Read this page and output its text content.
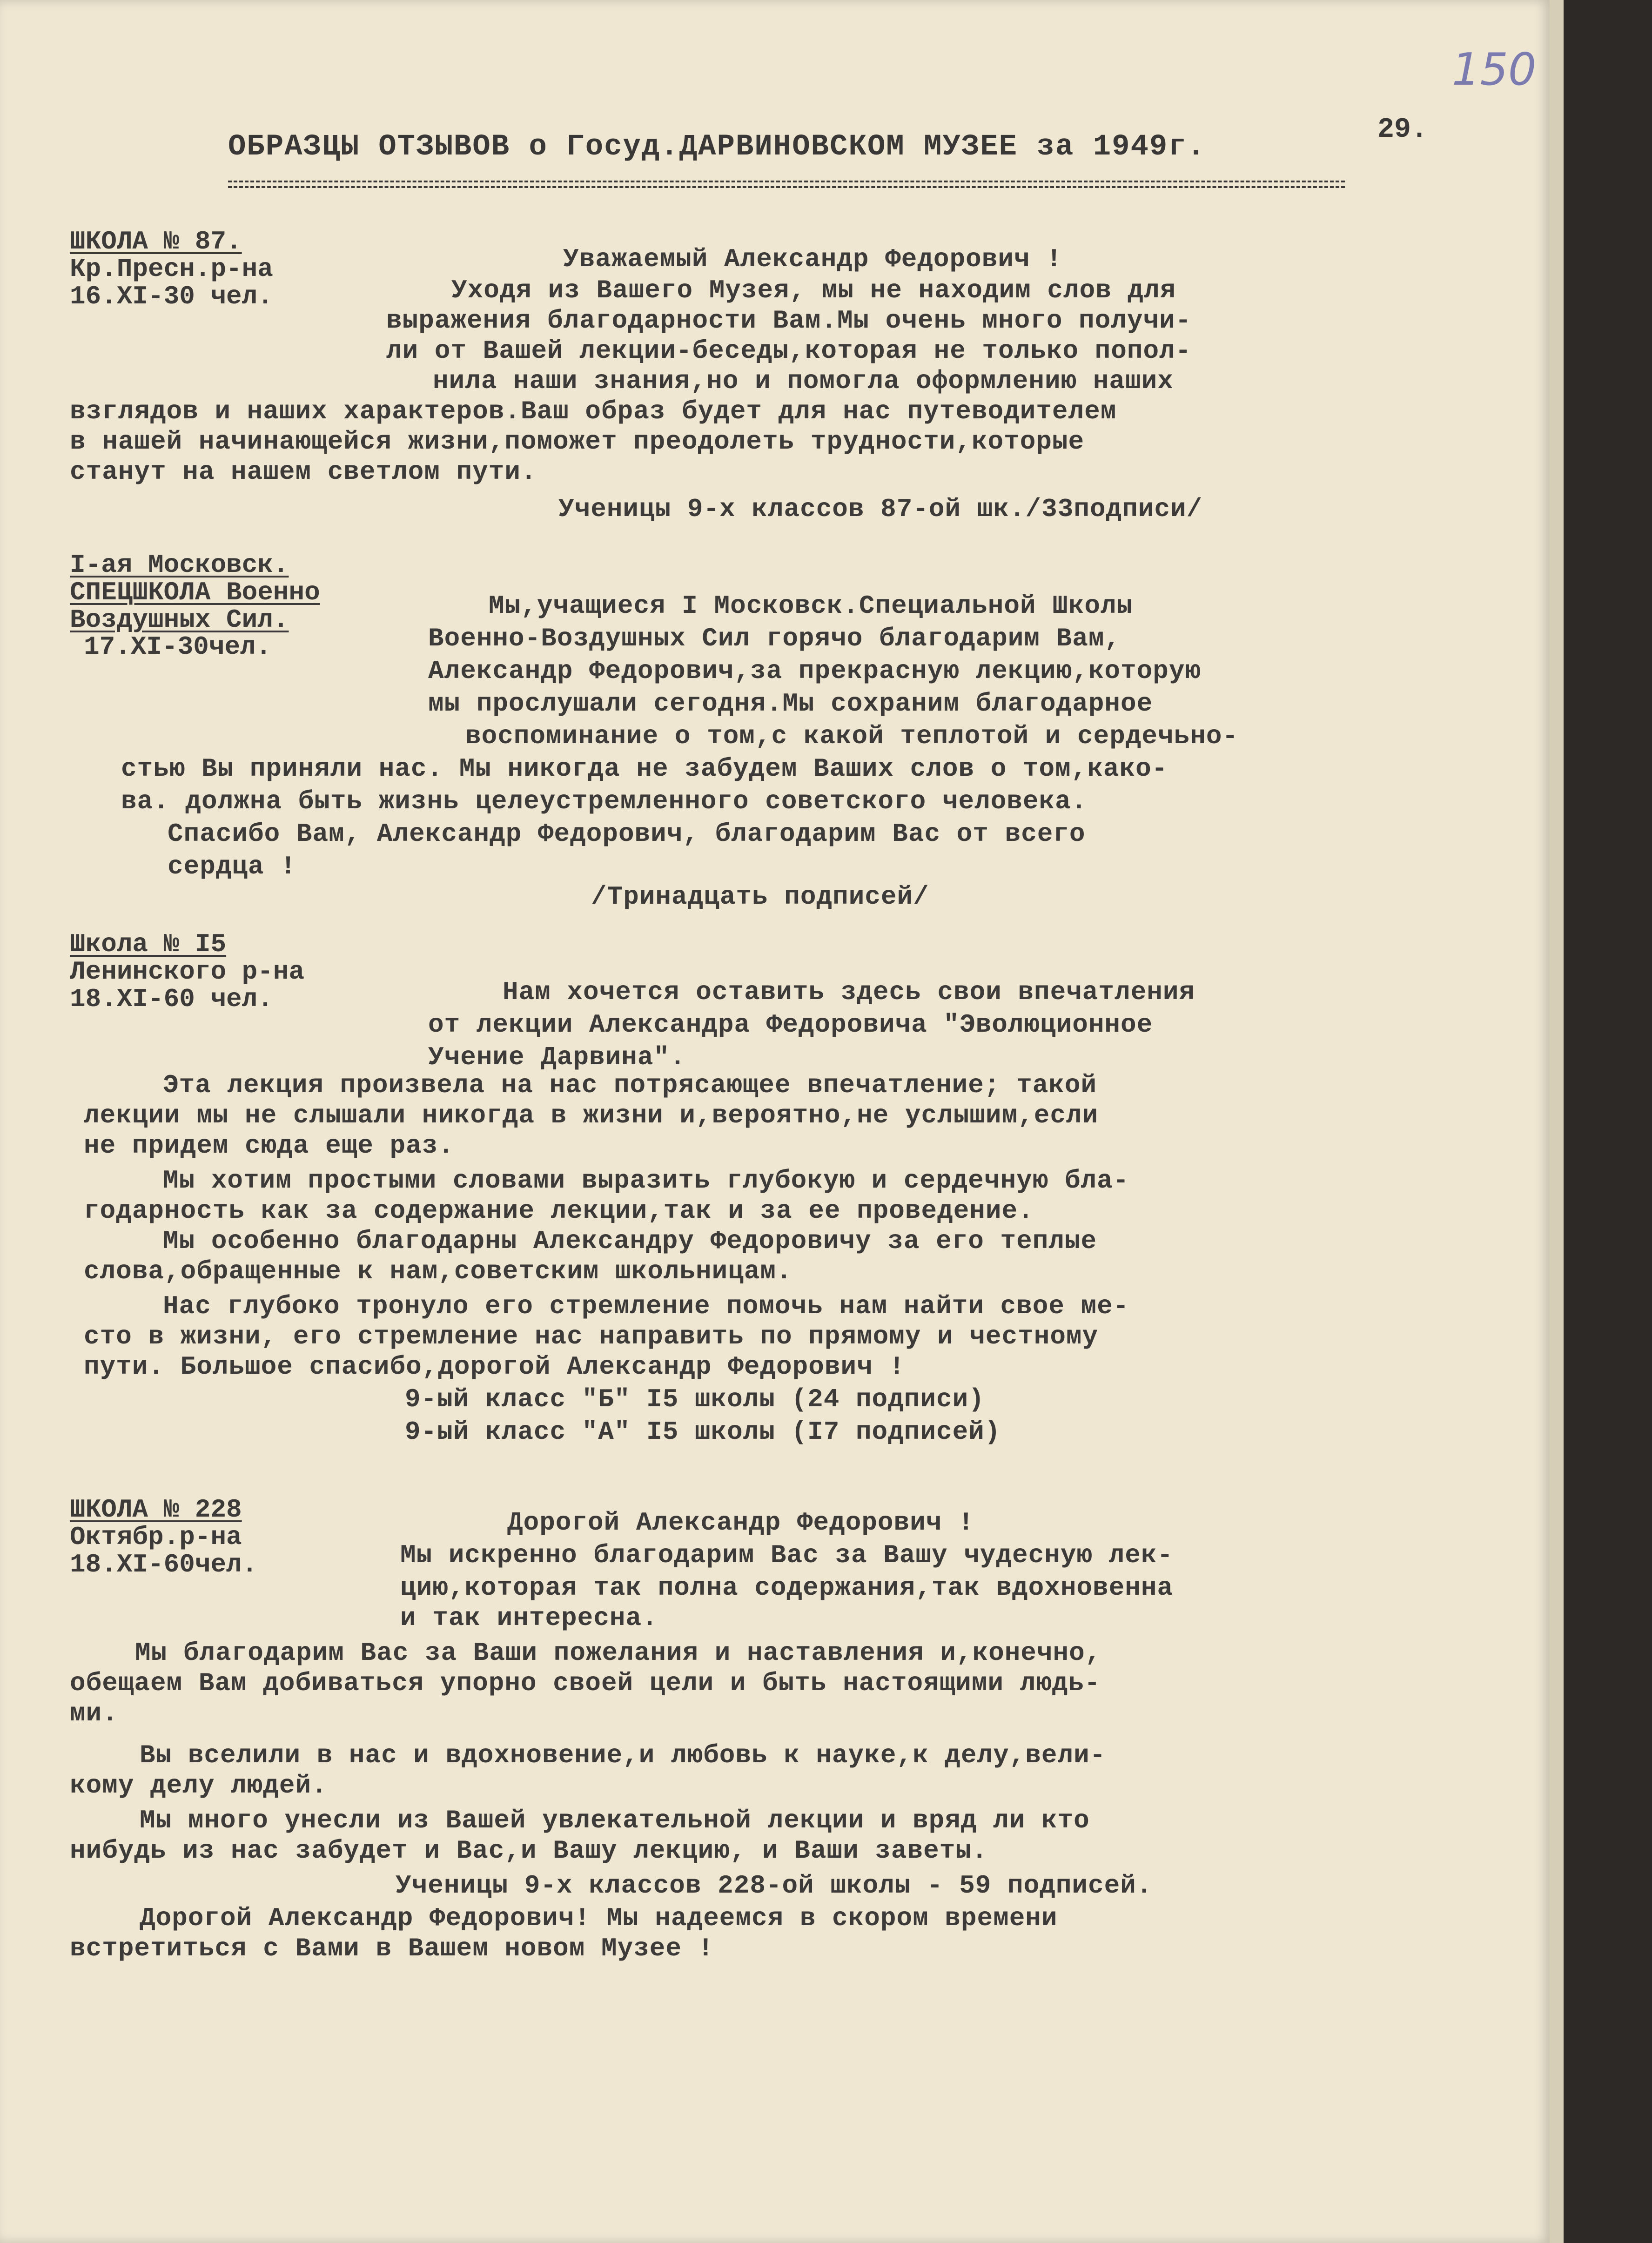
150
29.
ОБРАЗЦЫ ОТЗЫВОВ о Госуд.ДАРВИНОВСКОМ МУЗЕЕ за 1949г.
ШКОЛА № 87.
Кр.Пресн.р-на
16.XI-30 чел.
Уважаемый Александр Федорович !
Уходя из Вашего Музея, мы не находим слов для
выражения благодарности Вам.Мы очень много получи-
ли от Вашей лекции-беседы,которая не только попол-
нила наши знания,но и помогла оформлению наших
взглядов и наших характеров.Ваш образ будет для нас путеводителем
в нашей начинающейся жизни,поможет преодолеть трудности,которые
станут на нашем светлом пути.
Ученицы 9-х классов 87-ой шк./33подписи/
I-ая Московск.
СПЕЦШКОЛА Военно
Воздушных Сил.
17.XI-30чел.
Мы,учащиеся I Московск.Специальной Школы
Военно-Воздушных Сил горячо благодарим Вам,
Александр Федорович,за прекрасную лекцию,которую
мы прослушали сегодня.Мы сохраним благодарное
воспоминание о том,с какой теплотой и сердечьно-
стью Вы приняли нас. Мы никогда не забудем Ваших слов о том,како-
ва. должна быть жизнь целеустремленного советского человека.
Спасибо Вам, Александр Федорович, благодарим Вас от всего
сердца !
/Тринадцать подписей/
Школа № I5
Ленинского р-на
18.XI-60 чел.	Нам хочется оставить здесь свои впечатления
от лекции Александра Федоровича "Эволюционное
Учение Дарвина".
Эта лекция произвела на нас потрясающее впечатление; такой
лекции мы не слышали никогда в жизни и,вероятно,не услышим,если
не придем сюда еще раз.
Мы хотим простыми словами выразить глубокую и сердечную бла-
годарность как за содержание лекции,так и за ее проведение.
Мы особенно благодарны Александру Федоровичу за его теплые
слова,обращенные к нам,советским школьницам.
Нас глубоко тронуло его стремление помочь нам найти свое ме-
сто в жизни, его стремление нас направить по прямому и честному
пути. Большое спасибо,дорогой Александр Федорович !
9-ый класс "Б" I5 школы (24 подписи)
9-ый класс "А" I5 школы (I7 подписей)
ШКОЛА № 228
Октябр.р-на
18.XI-60чел.
Дорогой Александр Федорович !
Мы искренно благодарим Вас за Вашу чудесную лек-
цию,которая так полна содержания,так вдохновенна
и так интересна.
Мы благодарим Вас за Ваши пожелания и наставления и,конечно,
обещаем Вам добиваться упорно своей цели и быть настоящими людь-
ми.
Вы вселили в нас и вдохновение,и любовь к науке,к делу,вели-
кому делу людей.
Мы много унесли из Вашей увлекательной лекции и вряд ли кто
нибудь из нас забудет и Вас,и Вашу лекцию, и Ваши заветы.
Ученицы 9-х классов 228-ой школы - 59 подписей.
Дорогой Александр Федорович! Мы надеемся в скором времени
встретиться с Вами в Вашем новом Музее !
